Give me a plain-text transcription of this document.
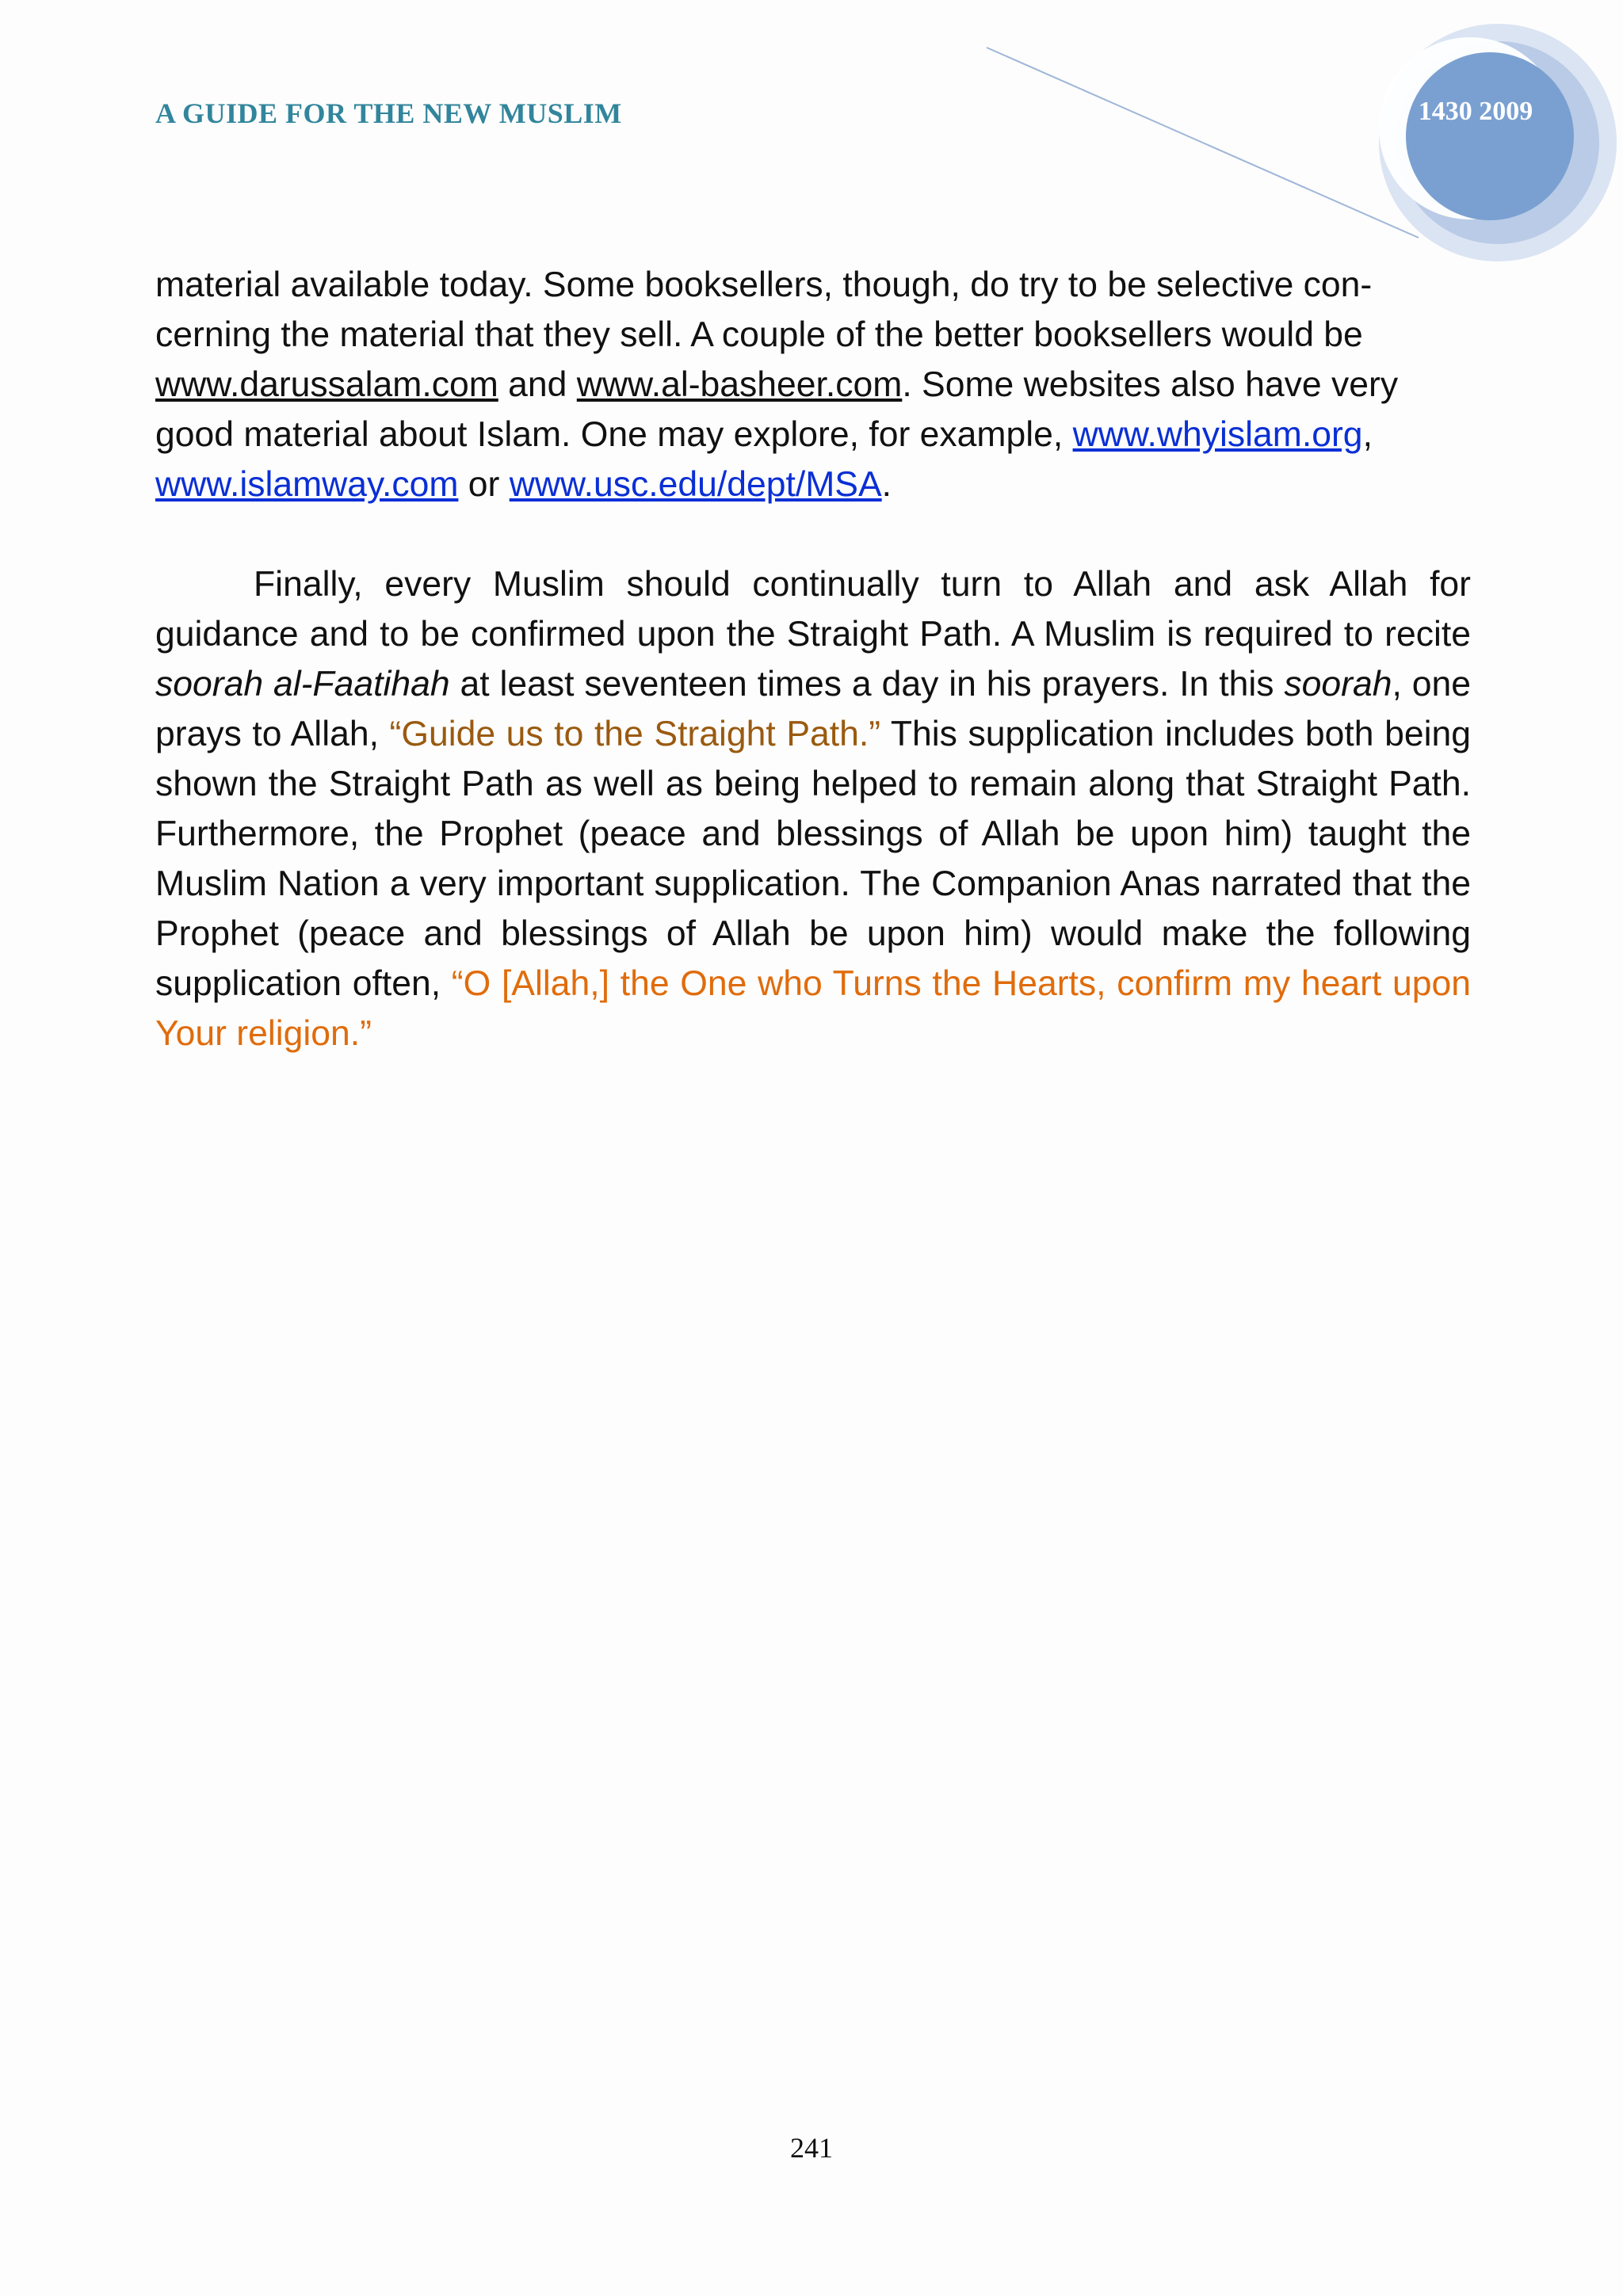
A GUIDE FOR THE NEW MUSLIM	1430 2009

material available today. Some booksellers, though, do try to be selective con-cerning the material that they sell. A couple of the better booksellers would be www.darussalam.com and www.al-basheer.com. Some websites also have very good material about Islam. One may explore, for example, www.whyislam.org, www.islamway.com or www.usc.edu/dept/MSA.

Finally, every Muslim should continually turn to Allah and ask Allah for guidance and to be confirmed upon the Straight Path. A Muslim is required to recite soorah al-Faatihah at least seventeen times a day in his prayers. In this soorah, one prays to Allah, “Guide us to the Straight Path.” This supplication includes both being shown the Straight Path as well as being helped to remain along that Straight Path. Furthermore, the Prophet (peace and blessings of Allah be upon him) taught the Muslim Nation a very important supplication. The Companion Anas narrated that the Prophet (peace and blessings of Allah be upon him) would make the following supplication often, “O [Allah,] the One who Turns the Hearts, confirm my heart upon Your religion.”

241
